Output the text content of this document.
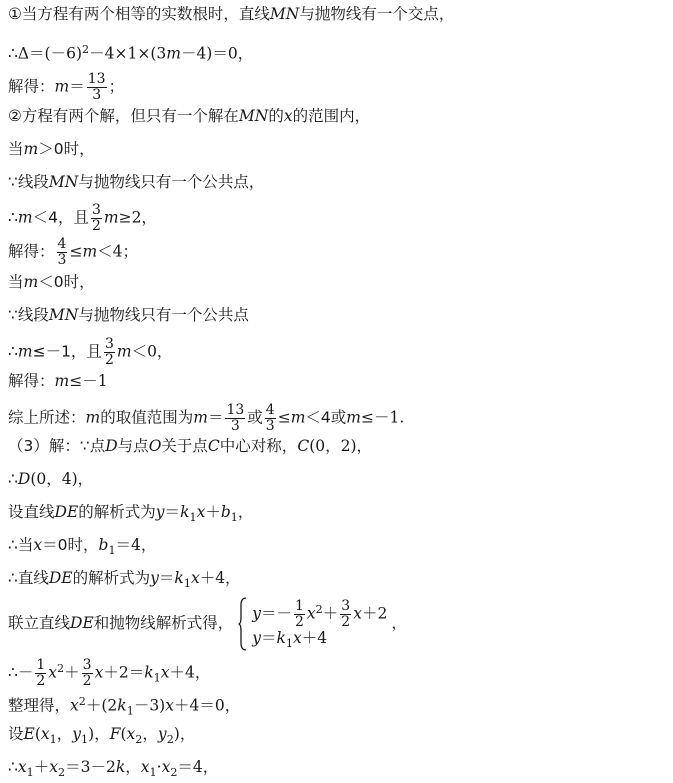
①当方程有两个相等的实数根时，直线MN与抛物线有一个交点，
$\therefore\Delta=(-6)^2-4\times 1\times(3m-4)=0$，
解得：$m= \frac{13}{3}$ ；
②方程有两个解，但只有一个解在MN的x的范围内，
当m＞0时，
∵线段MN与抛物线只有一个公共点，
∴m＜4，且 $\frac{3}{2} m\ge 2$，
解得： $\frac{4}{3} \le m<4$；
当m＜0时，
∵线段MN与抛物线只有一个公共点
∴m≤－1，且 $\frac{3}{2} m<0$，
解得：m≤－1
综上所述：m的取值范围为$m= \frac{13}{3}$ 或 $\frac{4}{3} \le m<4$或m≤－1.
（3）解：∵点D与点O关于点C中心对称，C(0，2)，
∴D(0，4)，
设直线DE的解析式为$y=k_1x+b_1$，
∴当x＝0时，$b_1=4$，
∴直线DE的解析式为$y=k_1x+4$，
联立直线DE和抛物线解析式得，
$y=- \frac{1}{2} x^2+ \frac{3}{2} x+2$
$y=k_1x+4$
，
∴－ $\frac{1}{2} x^2+ \frac{3}{2} x+2=k_1x+4$，
整理得，$x^2+(2k_1-3)x+4=0$，
设$E(x_1$，$y_1$)，$F(x_2$，$y_2$)，
$\therefore x_1+x_2=3-2k$，$x_1\cdot x_2=4$，
